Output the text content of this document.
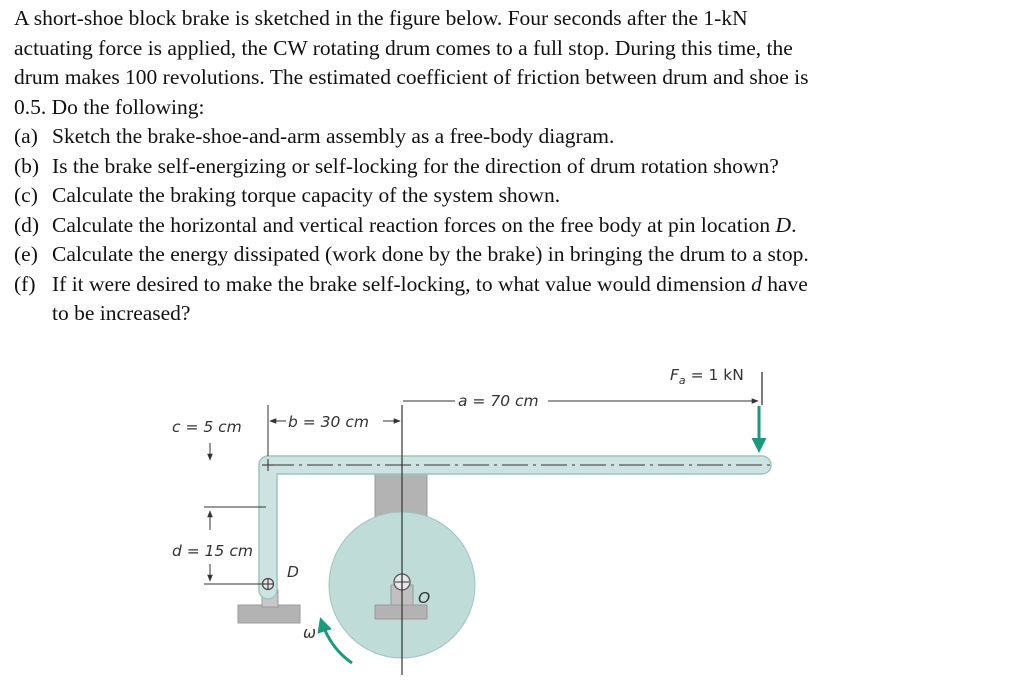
A short-shoe block brake is sketched in the figure below. Four seconds after the 1-kN
actuating force is applied, the CW rotating drum comes to a full stop. During this time, the
drum makes 100 revolutions. The estimated coefficient of friction between drum and shoe is
0.5. Do the following:
(a) Sketch the brake-shoe-and-arm assembly as a free-body diagram.
(b) Is the brake self-energizing or self-locking for the direction of drum rotation shown?
(c) Calculate the braking torque capacity of the system shown.
(d) Calculate the horizontal and vertical reaction forces on the free body at pin location D.
(e) Calculate the energy dissipated (work done by the brake) in bringing the drum to a stop.
(f) If it were desired to make the brake self-locking, to what value would dimension d have
to be increased?
b = 30 cm
a = 70 cm
$F_a = 1$ kN
c = 5 cm
d = 15 cm
D
O
ω
